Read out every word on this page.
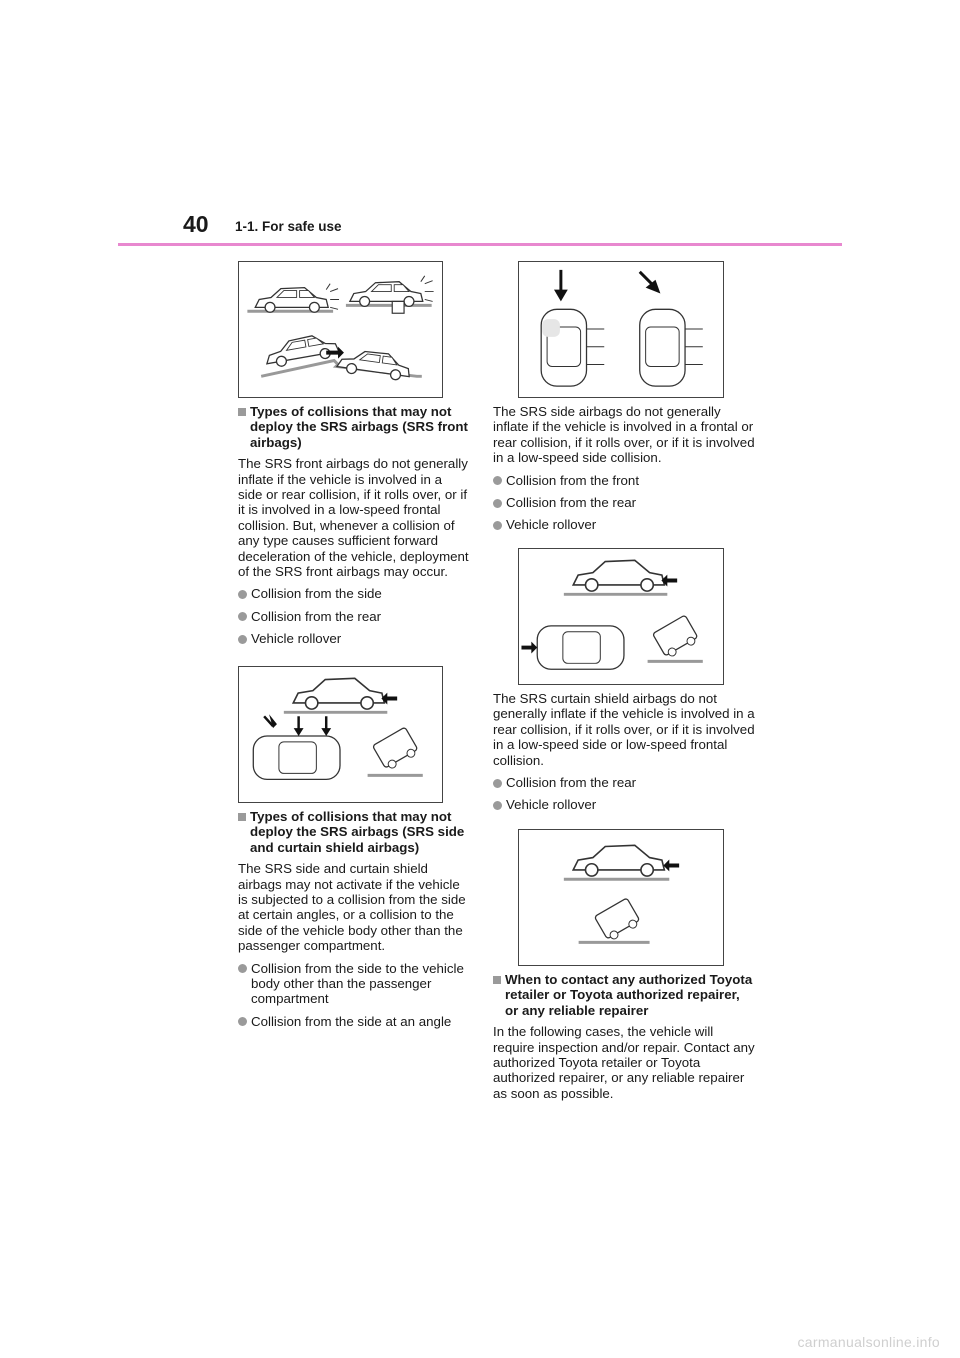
40 1-1. For safe use
Types of collisions that may not deploy the SRS airbags (SRS front airbags)

The SRS front airbags do not generally inflate if the vehicle is involved in a side or rear collision, if it rolls over, or if it is involved in a low-speed frontal collision. But, whenever a collision of any type causes sufficient forward deceleration of the vehicle, deployment of the SRS front airbags may occur.

Collision from the side
Collision from the rear
Vehicle rollover
Types of collisions that may not deploy the SRS airbags (SRS side and curtain shield airbags)

The SRS side and curtain shield airbags may not activate if the vehicle is subjected to a collision from the side at certain angles, or a collision to the side of the vehicle body other than the passenger compartment.

Collision from the side to the vehicle body other than the passenger compartment
Collision from the side at an angle

The SRS side airbags do not generally inflate if the vehicle is involved in a frontal or rear collision, if it rolls over, or if it is involved in a low-speed side collision.

Collision from the front
Collision from the rear
Vehicle rollover

The SRS curtain shield airbags do not generally inflate if the vehicle is involved in a rear collision, if it rolls over, or if it is involved in a low-speed side or low-speed frontal collision.

Collision from the rear
Vehicle rollover
When to contact any authorized Toyota retailer or Toyota authorized repairer, or any reliable repairer

In the following cases, the vehicle will require inspection and/or repair. Contact any authorized Toyota retailer or Toyota authorized repairer, or any reliable repairer as soon as possible.

carmanualsonline.info
